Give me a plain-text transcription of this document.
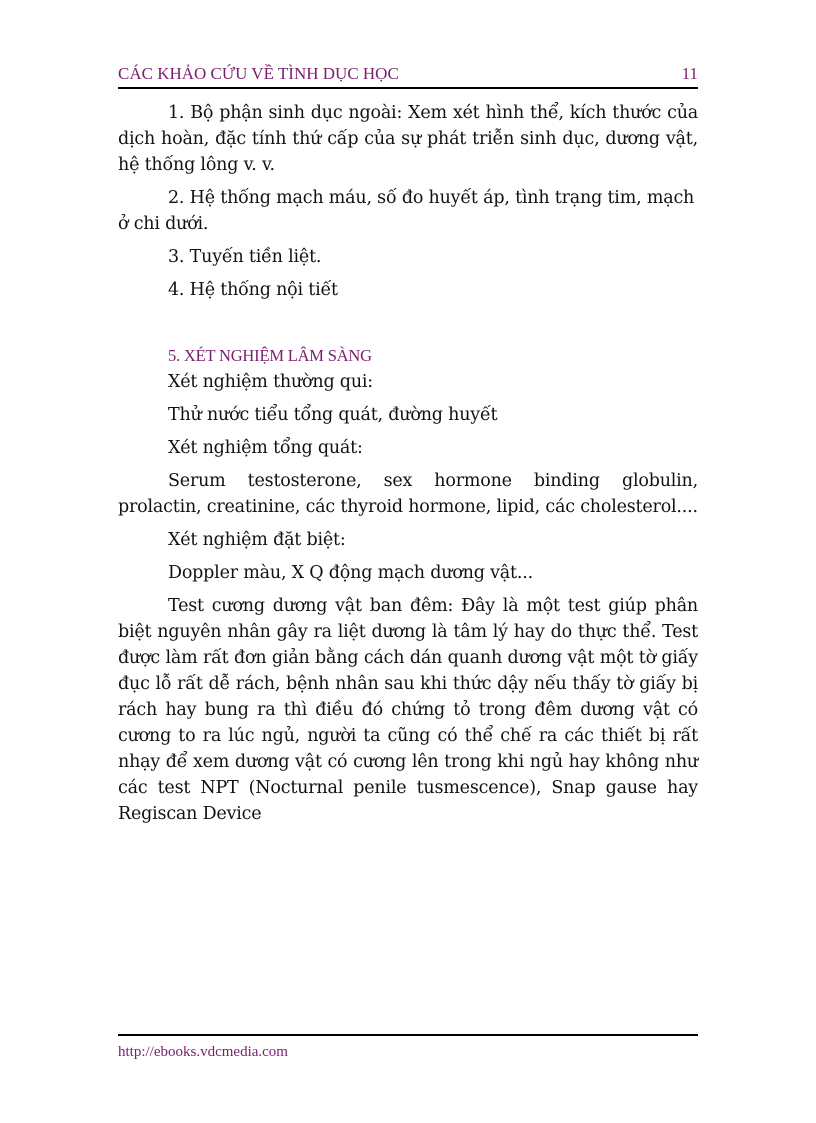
CÁC KHẢO CỨU VỀ TÌNH DỤC HỌC	11

1. Bộ phận sinh dục ngoài: Xem xét hình thể, kích thước của dịch hoàn, đặc tính thứ cấp của sự phát triễn sinh dục, dương vật, hệ thống lông v. v.

2. Hệ thống mạch máu, số đo huyết áp, tình trạng tim, mạch ở chi dưới.

3. Tuyến tiền liệt.

4. Hệ thống nội tiết

5. XÉT NGHIỆM LÂM SÀNG

Xét nghiệm thường qui:

Thử nước tiểu tổng quát, đường huyết

Xét nghiệm tổng quát:

Serum testosterone, sex hormone binding globulin, prolactin, creatinine, các thyroid hormone, lipid, các cholesterol....

Xét nghiệm đặt biệt:

Doppler màu, X Q động mạch dương vật...

Test cương dương vật ban đêm: Đây là một test giúp phân biệt nguyên nhân gây ra liệt dương là tâm lý hay do thực thể. Test được làm rất đơn giản bằng cách dán quanh dương vật một tờ giấy đục lỗ rất dễ rách, bệnh nhân sau khi thức dậy nếu thấy tờ giấy bị rách hay bung ra thì điều đó chứng tỏ trong đêm dương vật có cương to ra lúc ngủ, người ta cũng có thể chế ra các thiết bị rất nhạy để xem dương vật có cương lên trong khi ngủ hay không như các test NPT (Nocturnal penile tusmescence), Snap gause hay Regiscan Device

http://ebooks.vdcmedia.com
